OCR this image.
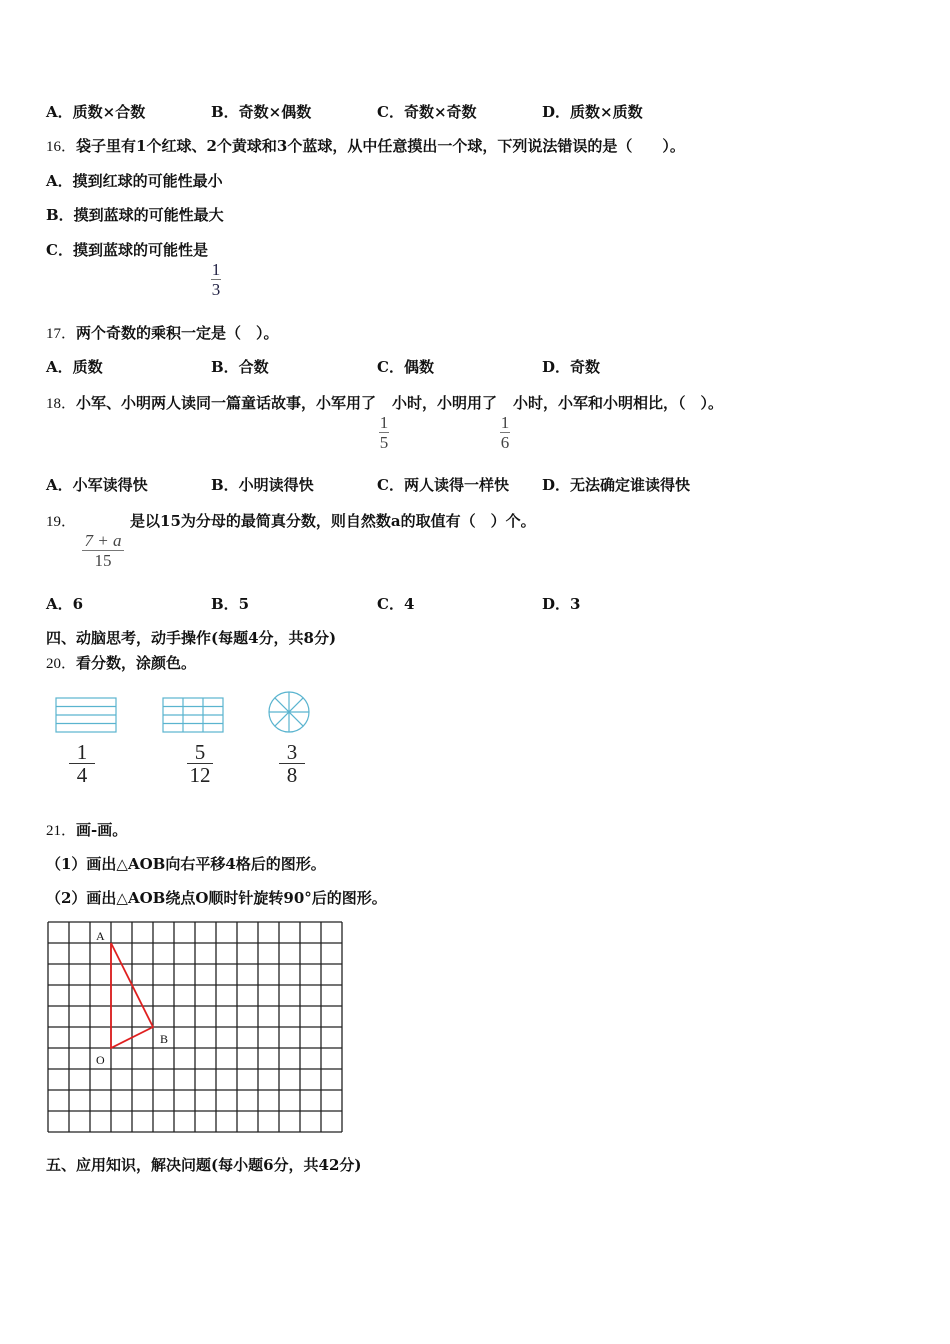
A．质数×合数	B．奇数×偶数	C．奇数×奇数	D．质数×质数
16．袋子里有1个红球、2个黄球和3个蓝球，从中任意摸出一个球，下列说法错误的是（　　）。
A．摸到红球的可能性最小
B．摸到蓝球的可能性最大
C．摸到蓝球的可能性是
$\frac{1}{3}$
17．两个奇数的乘积一定是（　）。
A．质数	B．合数	C．偶数	D．奇数
18．小军、小明两人读同一篇童话故事，小军用了
$\frac{1}{5}$
小时，小明用了
$\frac{1}{6}$
小时，小军和小明相比，（　）。
A．小军读得快	B．小明读得快	C．两人读得一样快 D．无法确定谁读得快
19．
$\frac{7 + a}{15}$
是以15为分母的最简真分数，则自然数a的取值有（　）个。
A．6	B．5	C．4	D．3
四、动脑思考，动手操作(每题4分，共8分)
20．看分数，涂颜色。
1
4
5
12
3
8
21．画-画。
（1）画出△AOB向右平移4格后的图形。
（2）画出△AOB绕点O顺时针旋转90°后的图形。
A
B
O
五、应用知识，解决问题(每小题6分，共42分)
